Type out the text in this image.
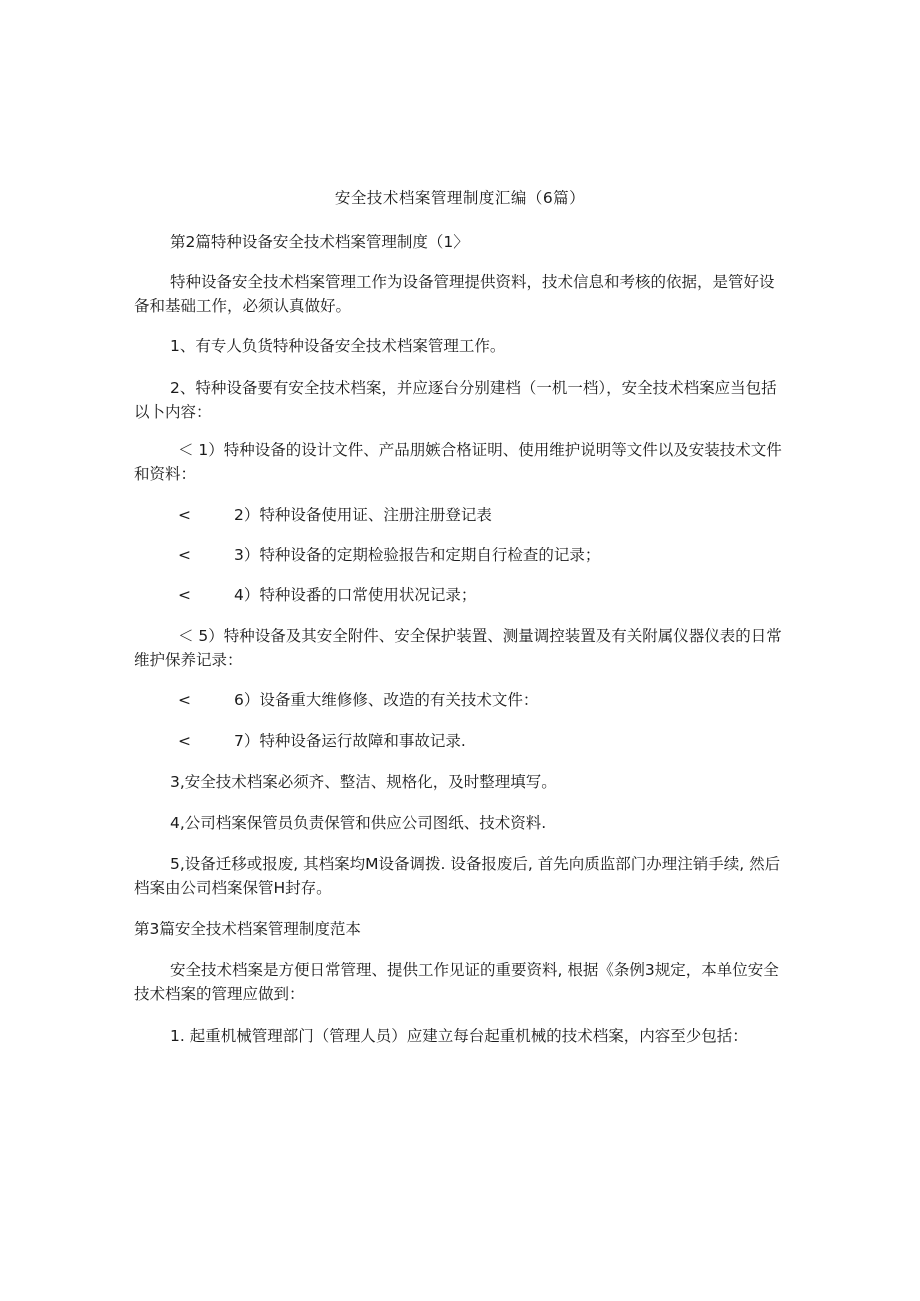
安全技术档案管理制度汇编（6篇）
第2篇特种设备安全技术档案管理制度（1〉
特种设备安全技术档案管理工作为设备管理提供资料，技术信息和考核的依据，是管好设备和基础工作，必须认真做好。
1、有专人负货特种设备安全技术档案管理工作。
2、特种设备要有安全技术档案，并应逐台分别建档（一机一档），安全技术档案应当包括以卜内容：
＜ 1）特种设备的设计文件、产品朋嫉合格证明、使用维护说明等文件以及安装技术文件和资料：
<	2）特种设备使用证、注册注册登记表
<	3）特种设备的定期检验报告和定期自行检查的记录；
<	4）特种设番的口常使用状况记录；
＜ 5）特种设备及其安全附件、安全保护装置、测量调控装置及有关附属仪器仪表的日常维护保养记录：
<	6）设备重大维修修、改造的有关技术文件：
<	7）特种设备运行故障和事故记录.
3,安全技术档案必须齐、整洁、规格化，及时整理填写。
4,公司档案保管员负责保管和供应公司图纸、技术资料.
5,设备迁移或报废, 其档案均M设备调拨. 设备报废后, 首先向质监部门办理注销手续, 然后档案由公司档案保管H封存。
第3篇安全技术档案管理制度范本
安全技术档案是方便日常管理、提供工作见证的重要资料, 根据《条例3规定，本单位安全技术档案的管理应做到：
1. 起重机械管理部门（管理人员）应建立每台起重机械的技术档案，内容至少包括：
